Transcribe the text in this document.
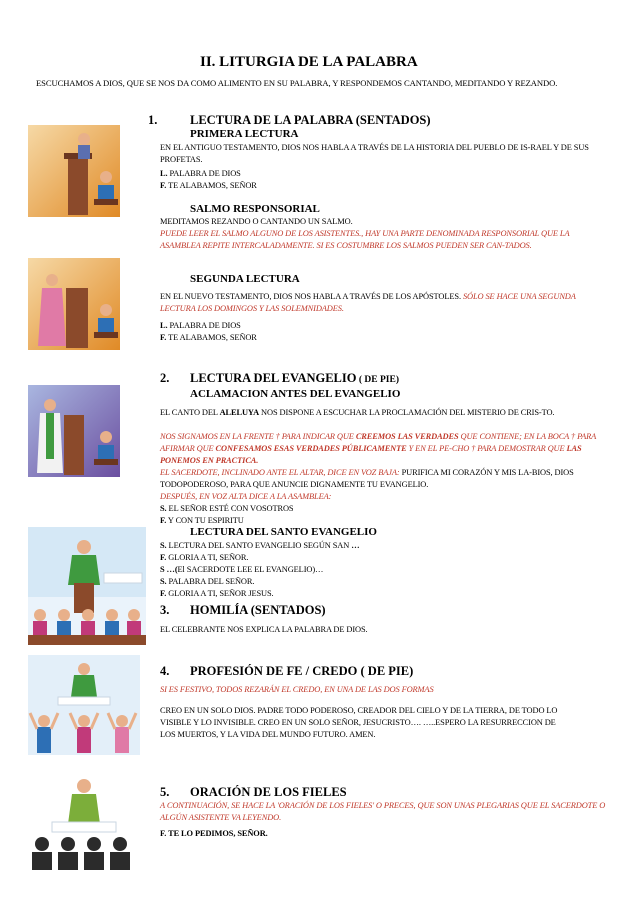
II. LITURGIA DE LA PALABRA
ESCUCHAMOS A DIOS, QUE SE NOS DA COMO ALIMENTO EN SU PALABRA, Y RESPONDEMOS CANTANDO, MEDITANDO Y REZANDO.
1.	LECTURA DE LA PALABRA (SENTADOS)
PRIMERA LECTURA
EN EL ANTIGUO TESTAMENTO, DIOS NOS HABLA A TRAVÉS DE LA HISTORIA DEL PUEBLO DE IS-RAEL Y DE SUS PROFETAS.
L. PALABRA DE DIOS
F. TE ALABAMOS, SEÑOR
SALMO RESPONSORIAL
MEDITAMOS REZANDO O CANTANDO UN SALMO.
PUEDE LEER EL SALMO ALGUNO DE LOS ASISTENTES., HAY UNA PARTE DENOMINADA RESPONSORIAL QUE LA ASAMBLEA REPITE INTERCALADAMENTE. SI ES COSTUMBRE LOS SALMOS PUEDEN SER CAN-TADOS.
SEGUNDA LECTURA
EN EL NUEVO TESTAMENTO, DIOS NOS HABLA A TRAVÉS DE LOS APÓSTOLES. SÓLO SE HACE UNA SEGUNDA LECTURA LOS DOMINGOS Y LAS SOLEMNIDADES.
L. PALABRA DE DIOS
F. TE ALABAMOS, SEÑOR
2. LECTURA DEL EVANGELIO ( DE PIE)
ACLAMACION ANTES DEL EVANGELIO
EL CANTO DEL ALELUYA NOS DISPONE A ESCUCHAR LA PROCLAMACIÓN DEL MISTERIO DE CRIS-TO.
NOS SIGNAMOS EN LA FRENTE † PARA INDICAR QUE CREEMOS LAS VERDADES QUE CONTIENE; EN LA BOCA † PARA AFIRMAR QUE CONFESAMOS ESAS VERDADES PÚBLICAMENTE Y EN EL PE-CHO † PARA DEMOSTRAR QUE LAS PONEMOS EN PRACTICA.
EL SACERDOTE, INCLINADO ANTE EL ALTAR, DICE EN VOZ BAJA: PURIFICA MI CORAZÓN Y MIS LA-BIOS, DIOS TODOPODEROSO, PARA QUE ANUNCIE DIGNAMENTE TU EVANGELIO.
DESPUÉS, EN VOZ ALTA DICE A LA ASAMBLEA:
S. EL SEÑOR ESTÉ CON VOSOTROS
F. Y CON TU ESPIRITU
LECTURA DEL SANTO EVANGELIO
S. LECTURA DEL SANTO EVANGELIO SEGÚN SAN …
F. GLORIA A TI, SEÑOR.
S …(El SACERDOTE LEE EL EVANGELIO)…
S. PALABRA DEL SEÑOR.
F. GLORIA A TI, SEÑOR JESUS.
3. HOMILÍA (SENTADOS)
EL CELEBRANTE NOS EXPLICA LA PALABRA DE DIOS.
4. PROFESIÓN DE FE / CREDO ( DE PIE)
SI ES FESTIVO, TODOS REZARÁN EL CREDO, EN UNA DE LAS DOS FORMAS
CREO EN UN SOLO DIOS. PADRE TODO PODEROSO, CREADOR DEL CIELO Y DE LA TIERRA, DE TODO LO VISIBLE Y LO INVISIBLE. CREO EN UN SOLO SEÑOR, JESUCRISTO…. …..ESPERO LA RESURRECCION DE LOS MUERTOS, Y LA VIDA DEL MUNDO FUTURO. AMEN.
5. ORACIÓN DE LOS FIELES
A CONTINUACIÓN, SE HACE LA 'ORACIÓN DE LOS FIELES' O PRECES, QUE SON UNAS PLEGARIAS QUE EL SACERDOTE O ALGÚN ASISTENTE VA LEYENDO.
F. TE LO PEDIMOS, SEÑOR.
